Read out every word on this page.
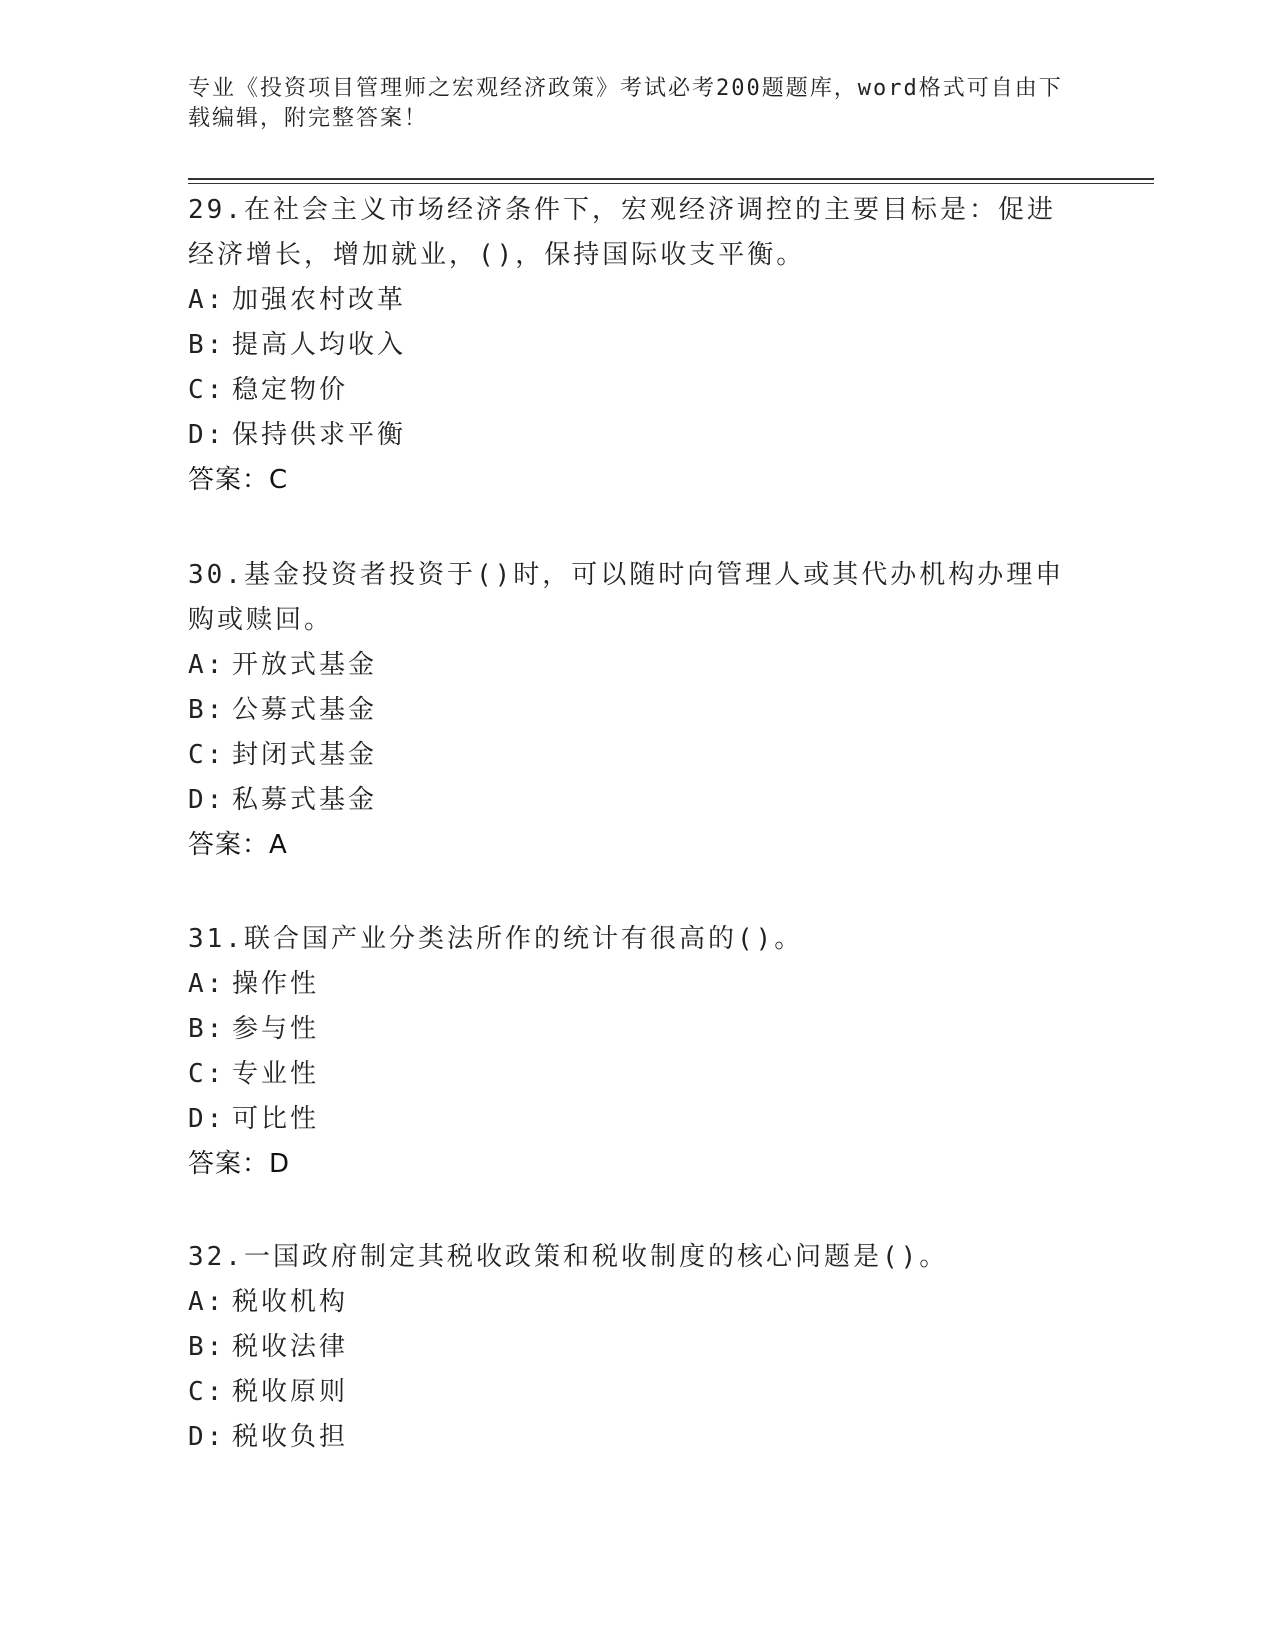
专业《投资项目管理师之宏观经济政策》考试必考200题题库，word格式可自由下载编辑，附完整答案！

29.在社会主义市场经济条件下，宏观经济调控的主要目标是：促进经济增长，增加就业，()，保持国际收支平衡。

A: 加强农村改革

B: 提高人均收入

C: 稳定物价

D: 保持供求平衡

答案：C

30.基金投资者投资于()时，可以随时向管理人或其代办机构办理申购或赎回。

A: 开放式基金

B: 公募式基金

C: 封闭式基金

D: 私募式基金

答案：A

31.联合国产业分类法所作的统计有很高的()。

A: 操作性

B: 参与性

C: 专业性

D: 可比性

答案：D

32.一国政府制定其税收政策和税收制度的核心问题是()。

A: 税收机构

B: 税收法律

C: 税收原则

D: 税收负担
